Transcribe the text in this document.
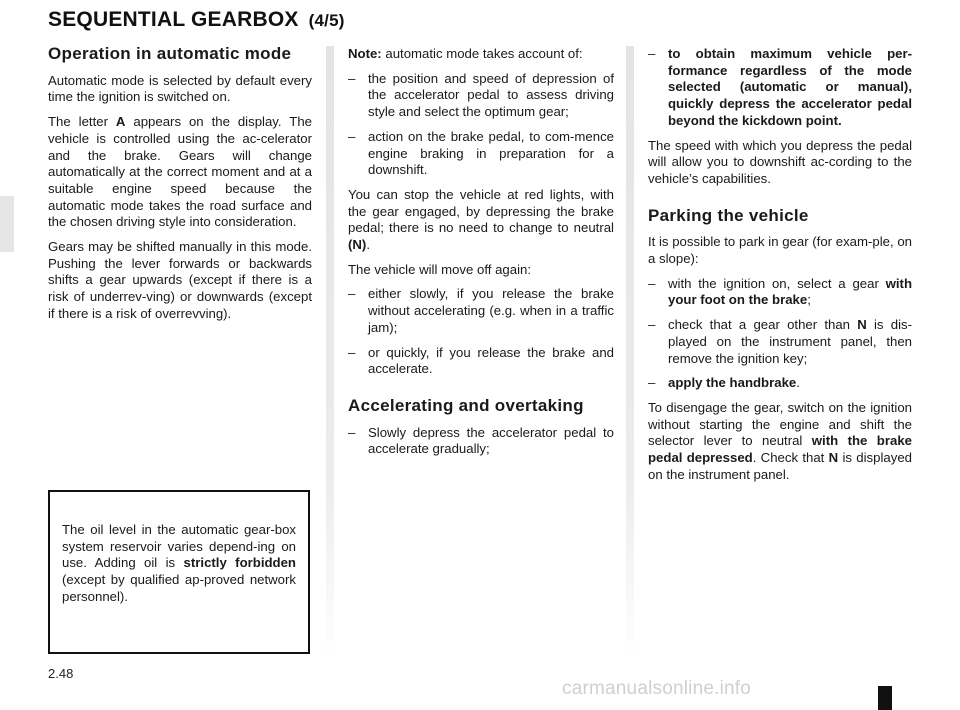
SEQUENTIAL GEARBOX (4/5)
Operation in automatic mode

Automatic mode is selected by default every time the ignition is switched on.

The letter A appears on the display. The vehicle is controlled using the ac-celerator and the brake. Gears will change automatically at the correct moment and at a suitable engine speed because the automatic mode takes the road surface and the chosen driving style into consideration.

Gears may be shifted manually in this mode. Pushing the lever forwards or backwards shifts a gear upwards (except if there is a risk of underrev-ving) or downwards (except if there is a risk of overrevving).

The oil level in the automatic gear-box system reservoir varies depend-ing on use. Adding oil is strictly forbidden (except by qualified ap-proved network personnel).

Note: automatic mode takes account of:

– the position and speed of depression of the accelerator pedal to assess driving style and select the optimum gear;
– action on the brake pedal, to com-mence engine braking in preparation for a downshift.

You can stop the vehicle at red lights, with the gear engaged, by depressing the brake pedal; there is no need to change to neutral (N).

The vehicle will move off again:

– either slowly, if you release the brake without accelerating (e.g. when in a traffic jam);
– or quickly, if you release the brake and accelerate.
Accelerating and overtaking
– Slowly depress the accelerator pedal to accelerate gradually;
– to obtain maximum vehicle per-formance regardless of the mode selected (automatic or manual), quickly depress the accelerator pedal beyond the kickdown point.

The speed with which you depress the pedal will allow you to downshift ac-cording to the vehicle’s capabilities.

Parking the vehicle

It is possible to park in gear (for exam-ple, on a slope):

– with the ignition on, select a gear with your foot on the brake;
– check that a gear other than N is dis-played on the instrument panel, then remove the ignition key;
– apply the handbrake.

To disengage the gear, switch on the ignition without starting the engine and shift the selector lever to neutral with the brake pedal depressed. Check that N is displayed on the instrument panel.

2.48
carmanualsonline.info
